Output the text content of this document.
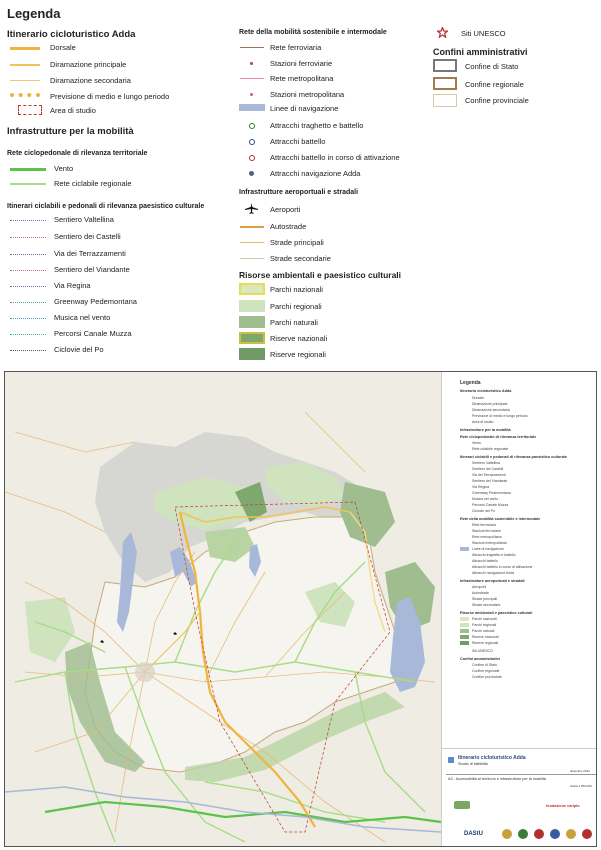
Legenda
Itinerario cicloturistico Adda
Dorsale
Diramazione principale
Diramazione secondaria
Previsione di medio e lungo periodo
Area di studio
Infrastrutture per la mobilità
Rete ciclopedonale di rilevanza territoriale
Vento
Rete ciclabile regionale
Itinerari ciclabili e pedonali di rilevanza paesistico culturale
Sentiero Valtellina
Sentiero dei Castelli
Via dei Terrazzamenti
Sentiero del Viandante
Via Regina
Greenway Pedemontana
Musica nel vento
Percorsi Canale Muzza
Ciclovie del Po
Rete della mobilità sostenibile e intermodale
Rete ferroviaria
Stazioni ferroviarie
Rete metropolitana
Stazioni metropolitana
Linee di navigazione
Attracchi traghetto e battello
Attracchi battello
Attracchi battello in corso di attivazione
Attracchi navigazione Adda
Infrastrutture aeroportuali e stradali
Aeroporti
Autostrade
Strade principali
Strade secondarie
Risorse ambientali e paesistico culturali
Parchi nazionali
Parchi regionali
Parchi naturali
Riserve nazionali
Riserve regionali
Siti UNESCO
Confini amministrativi
Confine di Stato
Confine regionale
Confine provinciale
Legenda
Itinerario cicloturistico Adda
Dorsale
Diramazione principale
Diramazione secondaria
Previsione di medio e lungo periodo
Area di studio
Infrastrutture per la mobilità
Rete ciclopedonale di rilevanza territoriale
Vento
Rete ciclabile regionale
Itinerari ciclabili e pedonali di rilevanza paesistico culturale
Sentiero Valtellina
Sentiero dei Castelli
Via dei Terrazzamenti
Sentiero del Viandante
Via Regina
Greenway Pedemontana
Musica nel vento
Percorsi Canale Muzza
Ciclovie del Po
Rete della mobilità sostenibile e intermodale
Rete ferroviaria
Stazioni ferroviarie
Rete metropolitana
Stazioni metropolitana
Linee di navigazione
Attracchi traghetto e battello
Attracchi battello
Attracchi battello in corso di attivazione
Attracchi navigazione Adda
Infrastrutture aeroportuali e stradali
Aeroporti
Autostrade
Strade principali
Strade secondarie
Risorse ambientali e paesistico culturali
Parchi nazionali
Parchi regionali
Parchi naturali
Riserve nazionali
Riserve regionali
Siti UNESCO
Confini amministrativi
Confine di Stato
Confine regionale
Confine provinciale
Itinerario cicloturistico Adda
Studio di fattibilità
dicembre 2013
A3 - Accessibilità al territorio e infrastrutture per la mobilità
Scala 1:250.000
fondazione cariplo
DAStU
